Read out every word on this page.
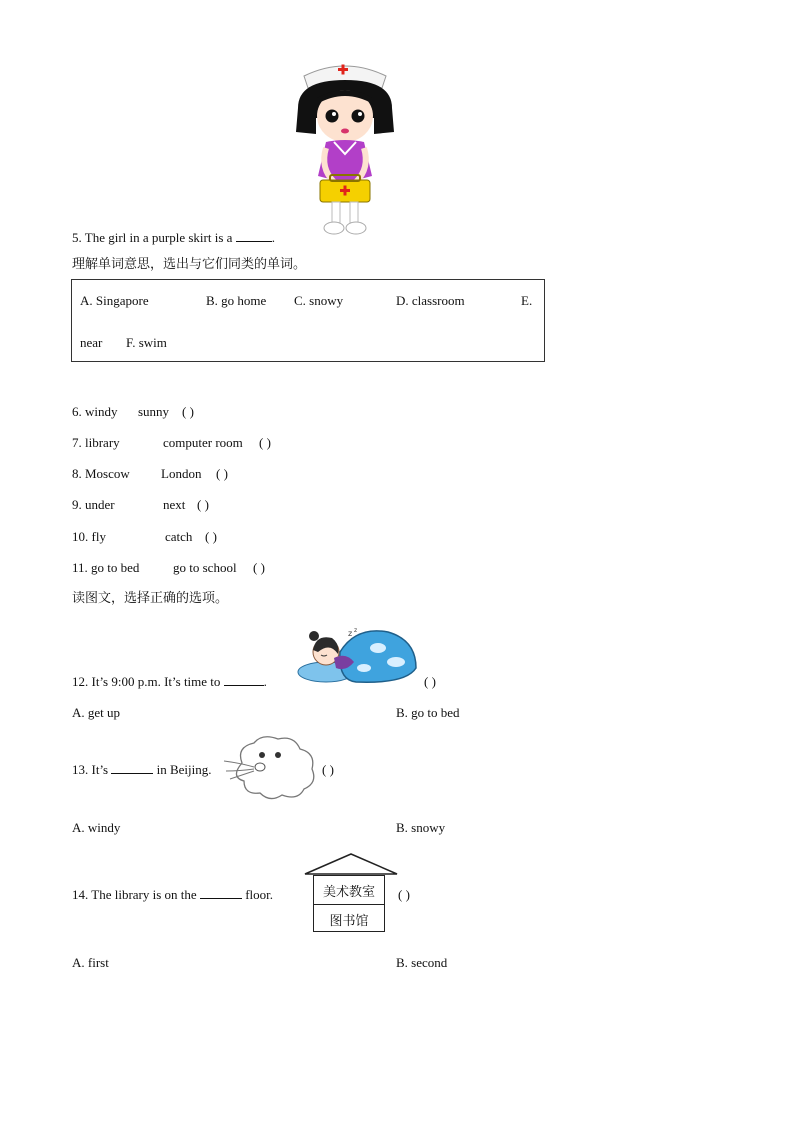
5. The girl in a purple skirt is a	.
理解单词意思，选出与它们同类的单词。
A. Singapore	B. go home C. snowy	D. classroom	E.
near F. swim
6. windy sunny ( )
7. library	computer room ( )
8. Moscow London ( )
9. under	next ( )
10. fly	catch ( )
11. go to bed	go to school ( )
读图文，选择正确的选项。
z z
12. It’s 9:00 p.m. It’s time to	.	( )
A. get up	B. go to bed
13. It’s	in Beijing.	( )
A. windy	B. snowy
美术教室
图书馆
14. The library is on the	floor.	( )
A. first	B. second
